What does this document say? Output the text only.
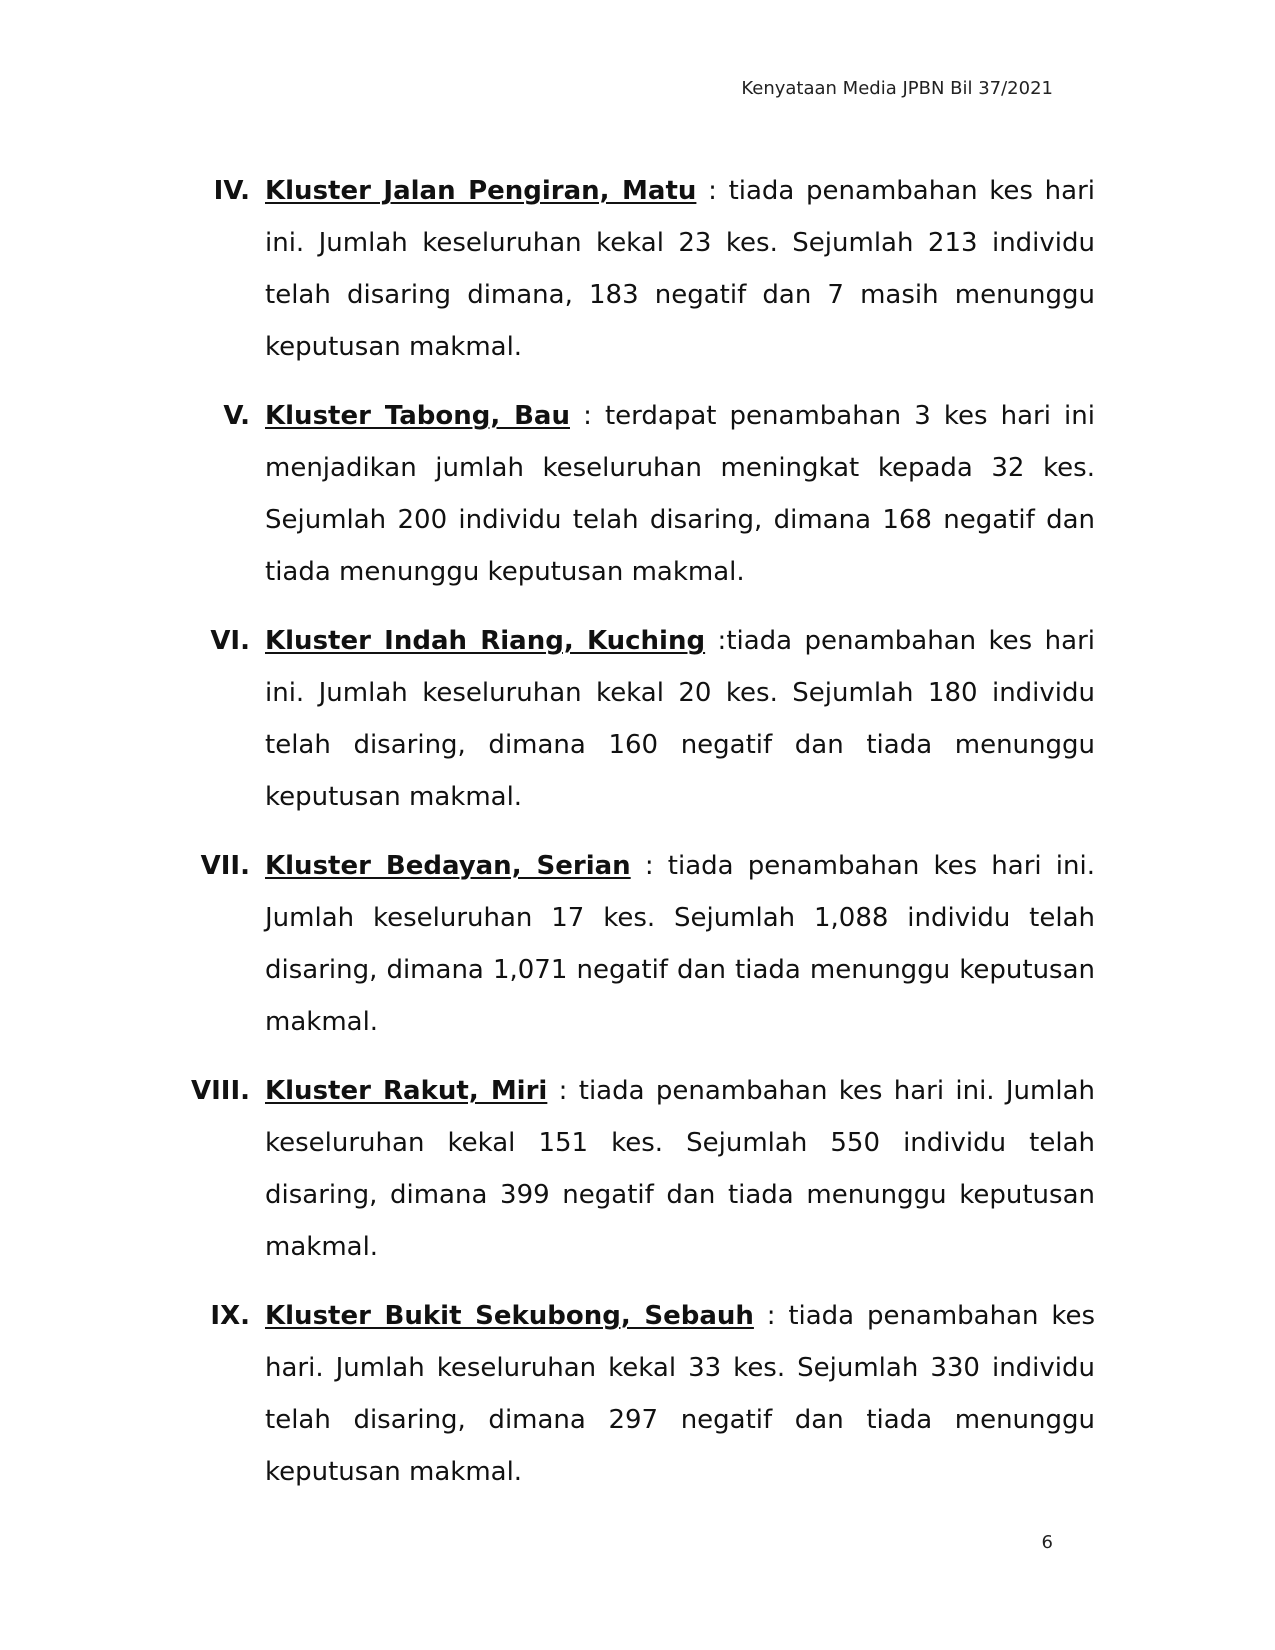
Kenyataan Media JPBN Bil 37/2021
IV. Kluster Jalan Pengiran, Matu : tiada penambahan kes hari ini. Jumlah keseluruhan kekal 23 kes. Sejumlah 213 individu telah disaring dimana, 183 negatif dan 7 masih menunggu keputusan makmal.
V. Kluster Tabong, Bau : terdapat penambahan 3 kes hari ini menjadikan jumlah keseluruhan meningkat kepada 32 kes. Sejumlah 200 individu telah disaring, dimana 168 negatif dan tiada menunggu keputusan makmal.
VI. Kluster Indah Riang, Kuching :tiada penambahan kes hari ini. Jumlah keseluruhan kekal 20 kes. Sejumlah 180 individu telah disaring, dimana 160 negatif dan tiada menunggu keputusan makmal.
VII. Kluster Bedayan, Serian : tiada penambahan kes hari ini. Jumlah keseluruhan 17 kes. Sejumlah 1,088 individu telah disaring, dimana 1,071 negatif dan tiada menunggu keputusan makmal.
VIII. Kluster Rakut, Miri : tiada penambahan kes hari ini. Jumlah keseluruhan kekal 151 kes. Sejumlah 550 individu telah disaring, dimana 399 negatif dan tiada menunggu keputusan makmal.
IX. Kluster Bukit Sekubong, Sebauh : tiada penambahan kes hari. Jumlah keseluruhan kekal 33 kes. Sejumlah 330 individu telah disaring, dimana 297 negatif dan tiada menunggu keputusan makmal.
6
